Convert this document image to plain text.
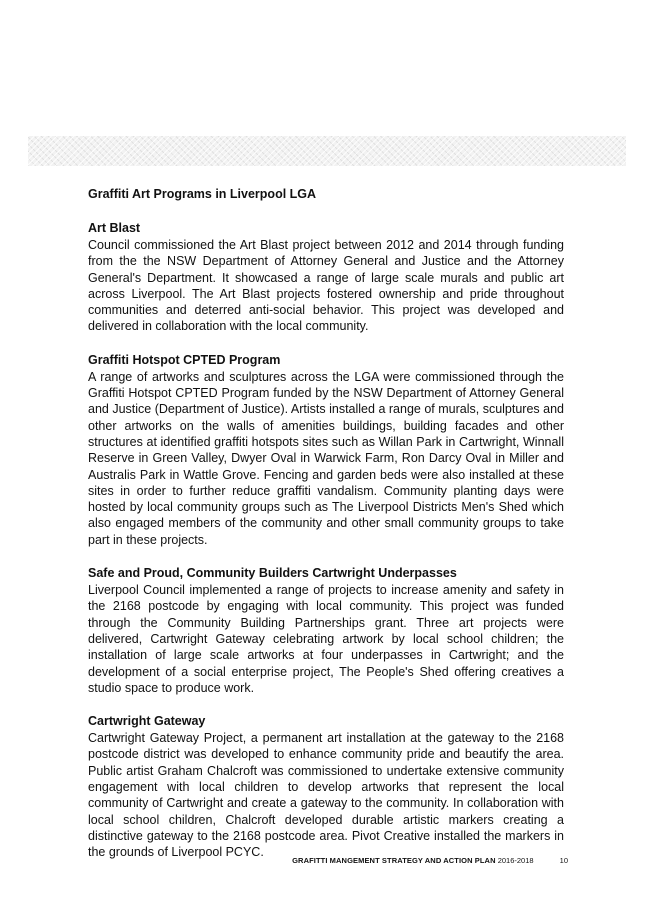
Graffiti Art Programs in Liverpool LGA
Art Blast

Council commissioned the Art Blast project between 2012 and 2014 through funding from the the NSW Department of Attorney General and Justice and the Attorney General's Department. It showcased a range of large scale murals and public art across Liverpool. The Art Blast projects fostered ownership and pride throughout communities and deterred anti-social behavior. This project was developed and delivered in collaboration with the local community.

Graffiti Hotspot CPTED Program

A range of artworks and sculptures across the LGA were commissioned through the Graffiti Hotspot CPTED Program funded by the NSW Department of Attorney General and Justice (Department of Justice). Artists installed a range of murals, sculptures and other artworks on the walls of amenities buildings, building facades and other structures at identified graffiti hotspots sites such as Willan Park in Cartwright, Winnall Reserve in Green Valley, Dwyer Oval in Warwick Farm, Ron Darcy Oval in Miller and Australis Park in Wattle Grove. Fencing and garden beds were also installed at these sites in order to further reduce graffiti vandalism. Community planting days were hosted by local community groups such as The Liverpool Districts Men's Shed which also engaged members of the community and other small community groups to take part in these projects.

Safe and Proud, Community Builders Cartwright Underpasses

Liverpool Council implemented a range of projects to increase amenity and safety in the 2168 postcode by engaging with local community. This project was funded through the Community Building Partnerships grant. Three art projects were delivered, Cartwright Gateway celebrating artwork by local school children; the installation of large scale artworks at four underpasses in Cartwright; and the development of a social enterprise project, The People's Shed offering creatives a studio space to produce work.

Cartwright Gateway

Cartwright Gateway Project, a permanent art installation at the gateway to the 2168 postcode district was developed to enhance community pride and beautify the area. Public artist Graham Chalcroft was commissioned to undertake extensive community engagement with local children to develop artworks that represent the local community of Cartwright and create a gateway to the community. In collaboration with local school children, Chalcroft developed durable artistic markers creating a distinctive gateway to the 2168 postcode area. Pivot Creative installed the markers in the grounds of Liverpool PCYC.

GRAFITTI MANGEMENT STRATEGY AND ACTION PLAN 2016-2018	10
